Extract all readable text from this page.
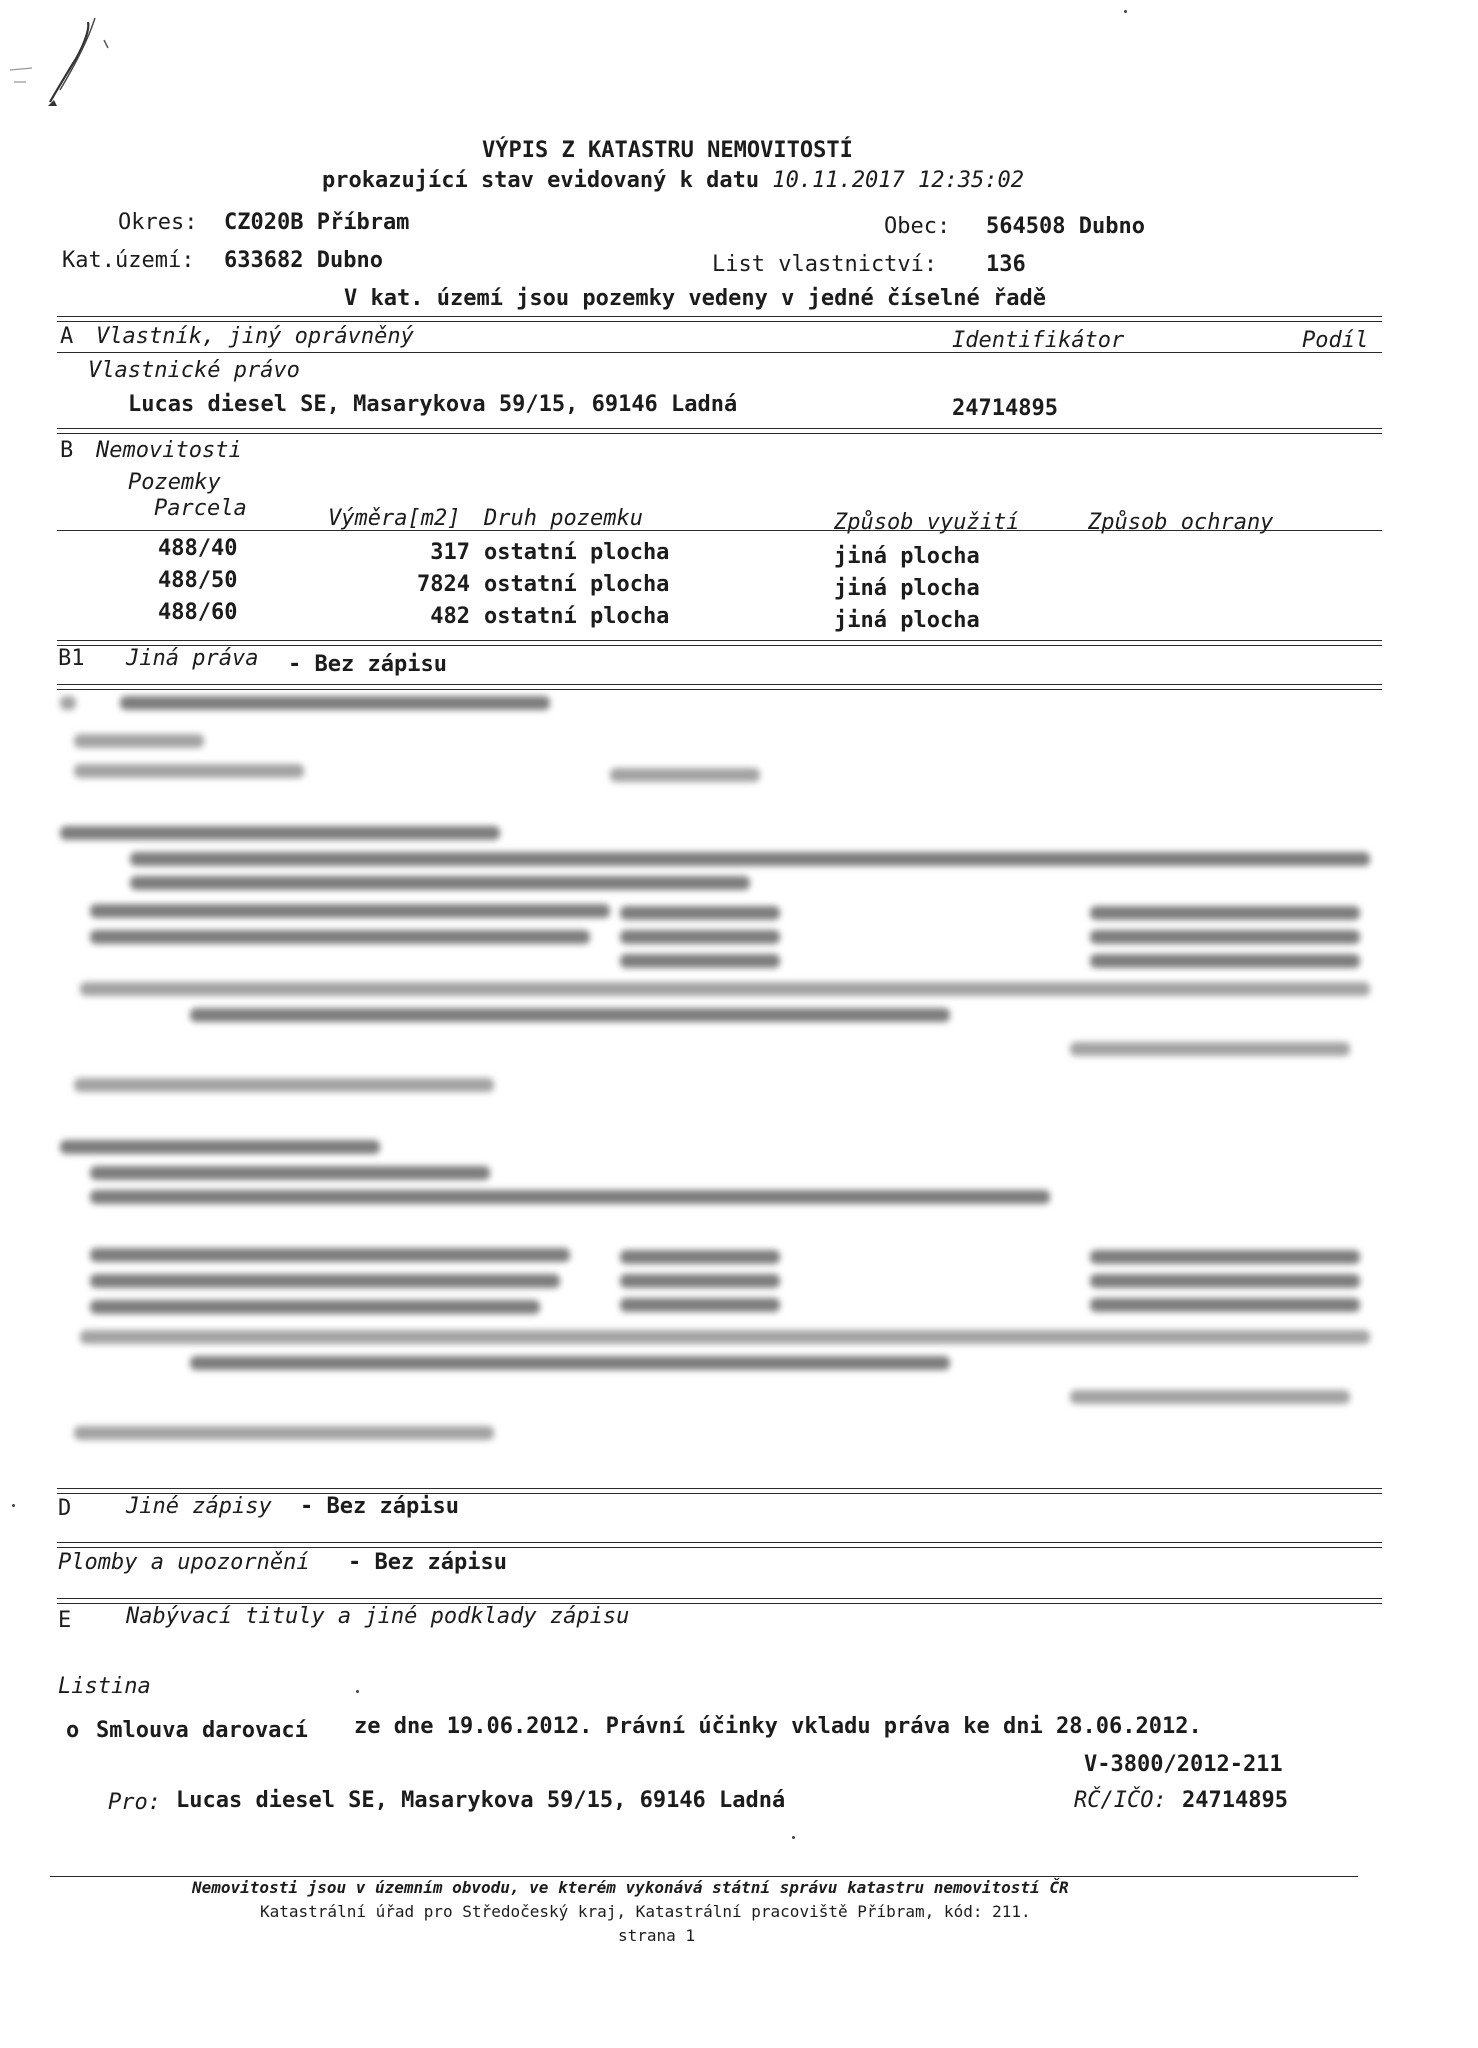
VÝPIS Z KATASTRU NEMOVITOSTÍ
prokazující stav evidovaný k datu 10.11.2017 12:35:02
Okres: CZ020B Příbram	Obec: 564508 Dubno
Kat.území: 633682 Dubno	List vlastnictví: 136
V kat. území jsou pozemky vedeny v jedné číselné řadě
A Vlastník, jiný oprávněný	Identifikátor	Podíl
Vlastnické právo
Lucas diesel SE, Masarykova 59/15, 69146 Ladná	24714895
B Nemovitosti
Pozemky
Parcela	Výměra[m2] Druh pozemku	Způsob využití	Způsob ochrany
488/40	317 ostatní plocha	jiná plocha
488/50	7824 ostatní plocha	jiná plocha
488/60	482 ostatní plocha	jiná plocha
B1 Jiná práva - Bez zápisu
D Jiné zápisy - Bez zápisu
Plomby a upozornění - Bez zápisu
E Nabývací tituly a jiné podklady zápisu
Listina
o Smlouva darovací ze dne 19.06.2012. Právní účinky vkladu práva ke dni 28.06.2012.
V-3800/2012-211
Pro: Lucas diesel SE, Masarykova 59/15, 69146 Ladná	RČ/IČO: 24714895
Nemovitosti jsou v územním obvodu, ve kterém vykonává státní správu katastru nemovitostí ČR
Katastrální úřad pro Středočeský kraj, Katastrální pracoviště Příbram, kód: 211.
strana 1
